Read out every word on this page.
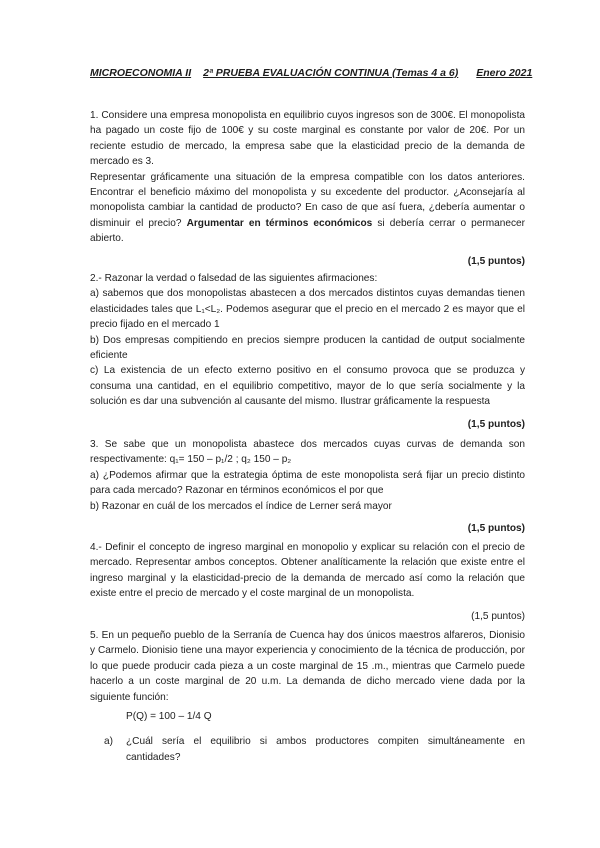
MICROECONOMIA II 2ª PRUEBA EVALUACIÓN CONTINUA (Temas 4 a 6) Enero 2021

1. Considere una empresa monopolista en equilibrio cuyos ingresos son de 300€. El monopolista ha pagado un coste fijo de 100€ y su coste marginal es constante por valor de 20€. Por un reciente estudio de mercado, la empresa sabe que la elasticidad precio de la demanda de mercado es 3.

Representar gráficamente una situación de la empresa compatible con los datos anteriores. Encontrar el beneficio máximo del monopolista y su excedente del productor. ¿Aconsejaría al monopolista cambiar la cantidad de producto? En caso de que así fuera, ¿debería aumentar o disminuir el precio? Argumentar en términos económicos si debería cerrar o permanecer abierto.

(1,5 puntos)

2.- Razonar la verdad o falsedad de las siguientes afirmaciones:

a) sabemos que dos monopolistas abastecen a dos mercados distintos cuyas demandas tienen elasticidades tales que L₁<L₂. Podemos asegurar que el precio en el mercado 2 es mayor que el precio fijado en el mercado 1

b) Dos empresas compitiendo en precios siempre producen la cantidad de output socialmente eficiente

c) La existencia de un efecto externo positivo en el consumo provoca que se produzca y consuma una cantidad, en el equilibrio competitivo, mayor de lo que sería socialmente y la solución es dar una subvención al causante del mismo. Ilustrar gráficamente la respuesta

(1,5 puntos)

3. Se sabe que un monopolista abastece dos mercados cuyas curvas de demanda son respectivamente: q₁= 150 – p₁/2 ; q₂ 150 – p₂

a) ¿Podemos afirmar que la estrategia óptima de este monopolista será fijar un precio distinto para cada mercado? Razonar en términos económicos el por que

b) Razonar en cuál de los mercados el índice de Lerner será mayor

(1,5 puntos)

4.- Definir el concepto de ingreso marginal en monopolio y explicar su relación con el precio de mercado. Representar ambos conceptos. Obtener analíticamente la relación que existe entre el ingreso marginal y la elasticidad-precio de la demanda de mercado así como la relación que existe entre el precio de mercado y el coste marginal de un monopolista.

(1,5 puntos)

5. En un pequeño pueblo de la Serranía de Cuenca hay dos únicos maestros alfareros, Dionisio y Carmelo. Dionisio tiene una mayor experiencia y conocimiento de la técnica de producción, por lo que puede producir cada pieza a un coste marginal de 15 .m., mientras que Carmelo puede hacerlo a un coste marginal de 20 u.m. La demanda de dicho mercado viene dada por la siguiente función:

P(Q) = 100 – 1/4 Q
a)	¿Cuál sería el equilibrio si ambos productores compiten simultáneamente en cantidades?
